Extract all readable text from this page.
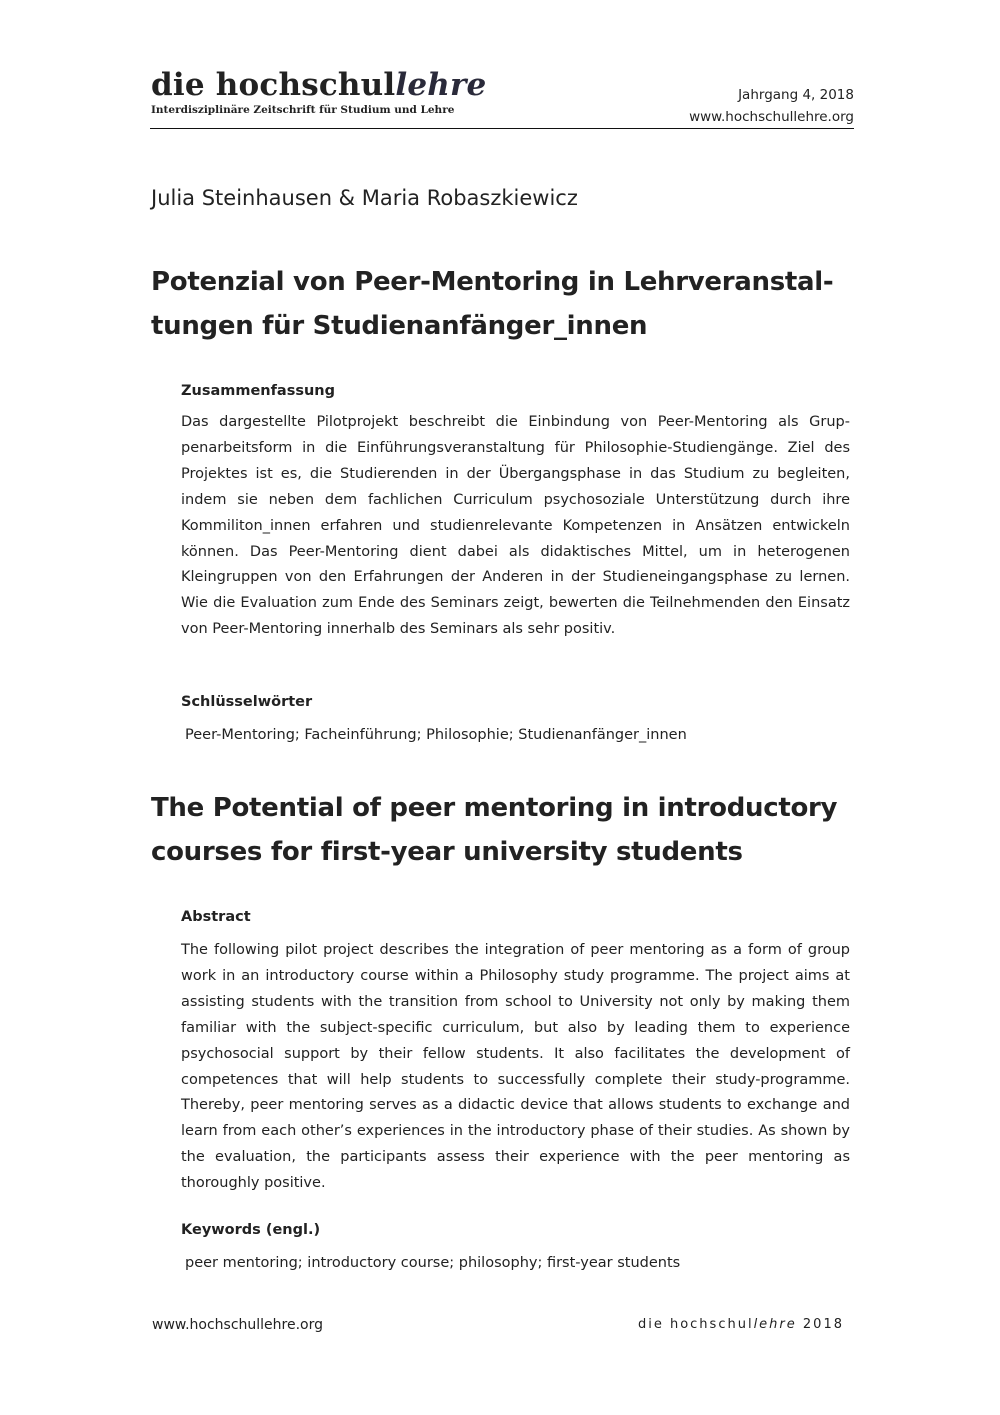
die hochschullehre
Interdisziplinäre Zeitschrift für Studium und Lehre
Jahrgang 4, 2018
www.hochschullehre.org
Julia Steinhausen & Maria Robaszkiewicz
Potenzial von Peer-Mentoring in Lehrveranstaltungen für Studienanfänger_innen
Zusammenfassung

Das dargestellte Pilotprojekt beschreibt die Einbindung von Peer-Mentoring als Gruppenarbeitsform in die Einführungsveranstaltung für Philosophie-Studiengänge. Ziel des Projektes ist es, die Studierenden in der Übergangsphase in das Studium zu begleiten, indem sie neben dem fachlichen Curriculum psychosoziale Unterstützung durch ihre Kommiliton_innen erfahren und studienrelevante Kompetenzen in Ansätzen entwickeln können. Das Peer-Mentoring dient dabei als didaktisches Mittel, um in heterogenen Kleingruppen von den Erfahrungen der Anderen in der Studieneingangsphase zu lernen. Wie die Evaluation zum Ende des Seminars zeigt, bewerten die Teilnehmenden den Einsatz von Peer-Mentoring innerhalb des Seminars als sehr positiv.

Schlüsselwörter
Peer-Mentoring; Facheinführung; Philosophie; Studienanfänger_innen
The Potential of peer mentoring in introductory courses for first-year university students
Abstract

The following pilot project describes the integration of peer mentoring as a form of group work in an introductory course within a Philosophy study programme. The project aims at assisting students with the transition from school to University not only by making them familiar with the subject-specific curriculum, but also by leading them to experience psychosocial support by their fellow students. It also facilitates the development of competences that will help students to successfully complete their study-programme. Thereby, peer mentoring serves as a didactic device that allows students to exchange and learn from each other’s experiences in the introductory phase of their studies. As shown by the evaluation, the participants assess their experience with the peer mentoring as thoroughly positive.

Keywords (engl.)
peer mentoring; introductory course; philosophy; first-year students
www.hochschullehre.org	die hochschullehre 2018
